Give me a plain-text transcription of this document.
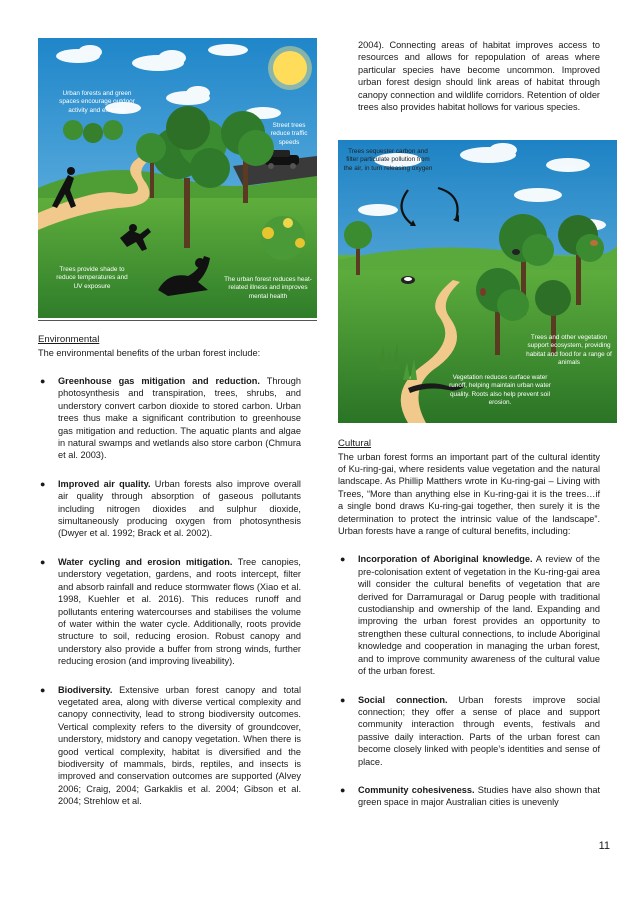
Urban forests and green spaces encourage outdoor activity and exercise
Street trees reduce traffic speeds
Trees provide shade to reduce temperatures and UV exposure
The urban forest reduces heat-related illness and improves mental health

Environmental

The environmental benefits of the urban forest include:

● Greenhouse gas mitigation and reduction. Through photosynthesis and transpiration, trees, shrubs, and understory convert carbon dioxide to stored carbon. Urban trees thus make a significant contribution to greenhouse gas mitigation and reduction. The aquatic plants and algae in natural swamps and wetlands also store carbon (Chmura et al. 2003).
● Improved air quality. Urban forests also improve overall air quality through absorption of gaseous pollutants including nitrogen dioxides and sulphur dioxide, simultaneously producing oxygen from photosynthesis (Dwyer et al. 1992; Brack et al. 2002).
● Water cycling and erosion mitigation. Tree canopies, understory vegetation, gardens, and roots intercept, filter and absorb rainfall and reduce stormwater flows (Xiao et al. 1998, Kuehler et al. 2016). This reduces runoff and pollutants entering watercourses and stabilises the volume of water within the water cycle. Additionally, roots provide structure to soil, reducing erosion. Robust canopy and understory also provide a buffer from strong winds, further reducing erosion (and improving liveability).
● Biodiversity. Extensive urban forest canopy and total vegetated area, along with diverse vertical complexity and canopy connectivity, lead to strong biodiversity outcomes. Vertical complexity refers to the diversity of groundcover, understory, midstory and canopy vegetation. When there is good vertical complexity, habitat is diversified and the biodiversity of mammals, birds, reptiles, and insects is improved and conservation outcomes are supported (Alvey 2006; Craig, 2004; Garkaklis et al. 2004; Gibson et al. 2004; Strehlow et al.

2004). Connecting areas of habitat improves access to resources and allows for repopulation of areas where particular species have become uncommon. Improved urban forest design should link areas of habitat through canopy connection and wildlife corridors. Retention of older trees also provides habitat hollows for various species.

Trees sequester carbon and filter particulate pollution from the air, in turn releasing oxygen
Trees and other vegetation support ecosystem, providing habitat and food for a range of animals
Vegetation reduces surface water runoff, helping maintain urban water quality. Roots also help prevent soil erosion.

Cultural

The urban forest forms an important part of the cultural identity of Ku-ring-gai, where residents value vegetation and the natural landscape. As Phillip Matthers wrote in Ku-ring-gai – Living with Trees, “More than anything else in Ku-ring-gai it is the trees…if a single bond draws Ku-ring-gai together, then surely it is the determination to protect the intrinsic value of the landscape”. Urban forests have a range of cultural benefits, including:

● Incorporation of Aboriginal knowledge. A review of the pre-colonisation extent of vegetation in the Ku-ring-gai area will consider the cultural benefits of vegetation that are derived for Darramuragal or Darug people with traditional custodianship and ownership of the land. Expanding and improving the urban forest provides an opportunity to strengthen these cultural connections, to include Aboriginal knowledge and cooperation in managing the urban forest, and to improve community awareness of the cultural value of the urban forest.
● Social connection. Urban forests improve social connection; they offer a sense of place and support community interaction through events, festivals and passive daily interaction. Parts of the urban forest can become closely linked with people’s identities and sense of place.
● Community cohesiveness. Studies have also shown that green space in major Australian cities is unevenly
11
